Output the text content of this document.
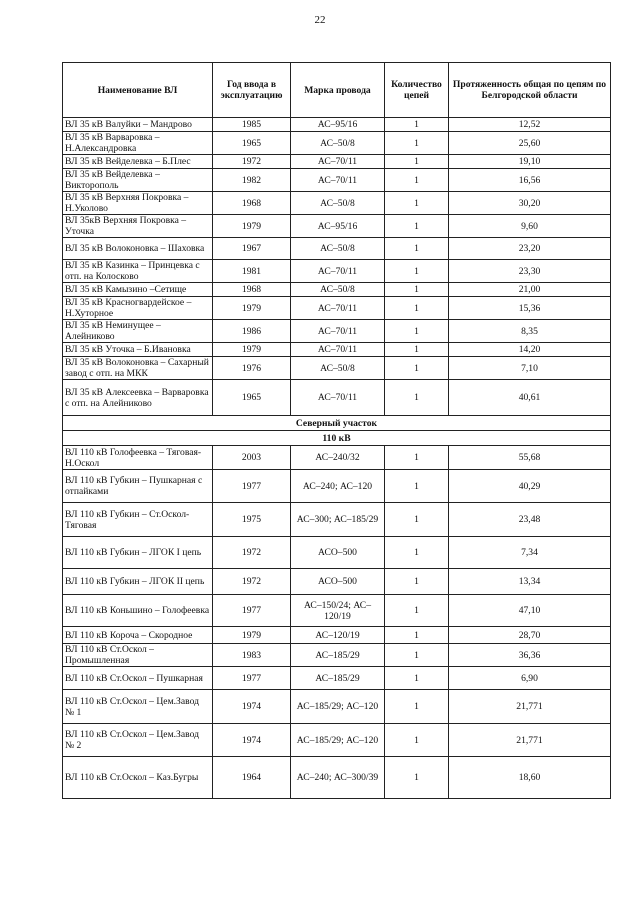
22
Наименование ВЛ	Год ввода в эксплуатацию	Марка провода	Количество цепей	Протяженность общая по цепям по Белгородской области
ВЛ 35 кВ Валуйки – Мандрово	1985	АС–95/16	1	12,52
ВЛ 35 кВ Варваровка – Н.Александровка	1965	АС–50/8	1	25,60
ВЛ 35 кВ Вейделевка – Б.Плес	1972	АС–70/11	1	19,10
ВЛ 35 кВ Вейделевка – Викторополь	1982	АС–70/11	1	16,56
ВЛ 35 кВ Верхняя Покровка – Н.Уколово	1968	АС–50/8	1	30,20
ВЛ 35кВ Верхняя Покровка – Уточка	1979	АС–95/16	1	9,60
ВЛ 35 кВ Волоконовка – Шаховка	1967	АС–50/8	1	23,20
ВЛ 35 кВ Казинка – Принцевка с отп. на Колосково	1981	АС–70/11	1	23,30
ВЛ 35 кВ Камызино –Сетище	1968	АС–50/8	1	21,00
ВЛ 35 кВ Красногвардейское – Н.Хуторное	1979	АС–70/11	1	15,36
ВЛ 35 кВ Неминущее – Алейниково	1986	АС–70/11	1	8,35
ВЛ 35 кВ Уточка – Б.Ивановка	1979	АС–70/11	1	14,20
ВЛ 35 кВ Волоконовка – Сахарный завод с отп. на МКК	1976	АС–50/8	1	7,10
ВЛ 35 кВ Алексеевка – Варваровка с отп. на Алейниково	1965	АС–70/11	1	40,61
Северный участок				
110 кВ				
ВЛ 110 кВ Голофеевка – Тяговая-Н.Оскол	2003	АС–240/32	1	55,68
ВЛ 110 кВ Губкин – Пушкарная с отпайками	1977	АС–240; АС–120	1	40,29
ВЛ 110 кВ Губкин – Ст.Оскол-Тяговая	1975	АС–300; АС–185/29	1	23,48
ВЛ 110 кВ Губкин – ЛГОК I цепь	1972	АСО–500	1	7,34
ВЛ 110 кВ Губкин – ЛГОК II цепь	1972	АСО–500	1	13,34
ВЛ 110 кВ Коньшино – Голофеевка	1977	АС–150/24; АС–120/19	1	47,10
ВЛ 110 кВ Короча – Скородное	1979	АС–120/19	1	28,70
ВЛ 110 кВ Ст.Оскол – Промышленная	1983	АС–185/29	1	36,36
ВЛ 110 кВ Ст.Оскол – Пушкарная	1977	АС–185/29	1	6,90
ВЛ 110 кВ Ст.Оскол – Цем.Завод № 1	1974	АС–185/29; АС–120	1	21,771
ВЛ 110 кВ Ст.Оскол – Цем.Завод № 2	1974	АС–185/29; АС–120	1	21,771
ВЛ 110 кВ Ст.Оскол – Каз.Бугры	1964	АС–240; АС–300/39	1	18,60
